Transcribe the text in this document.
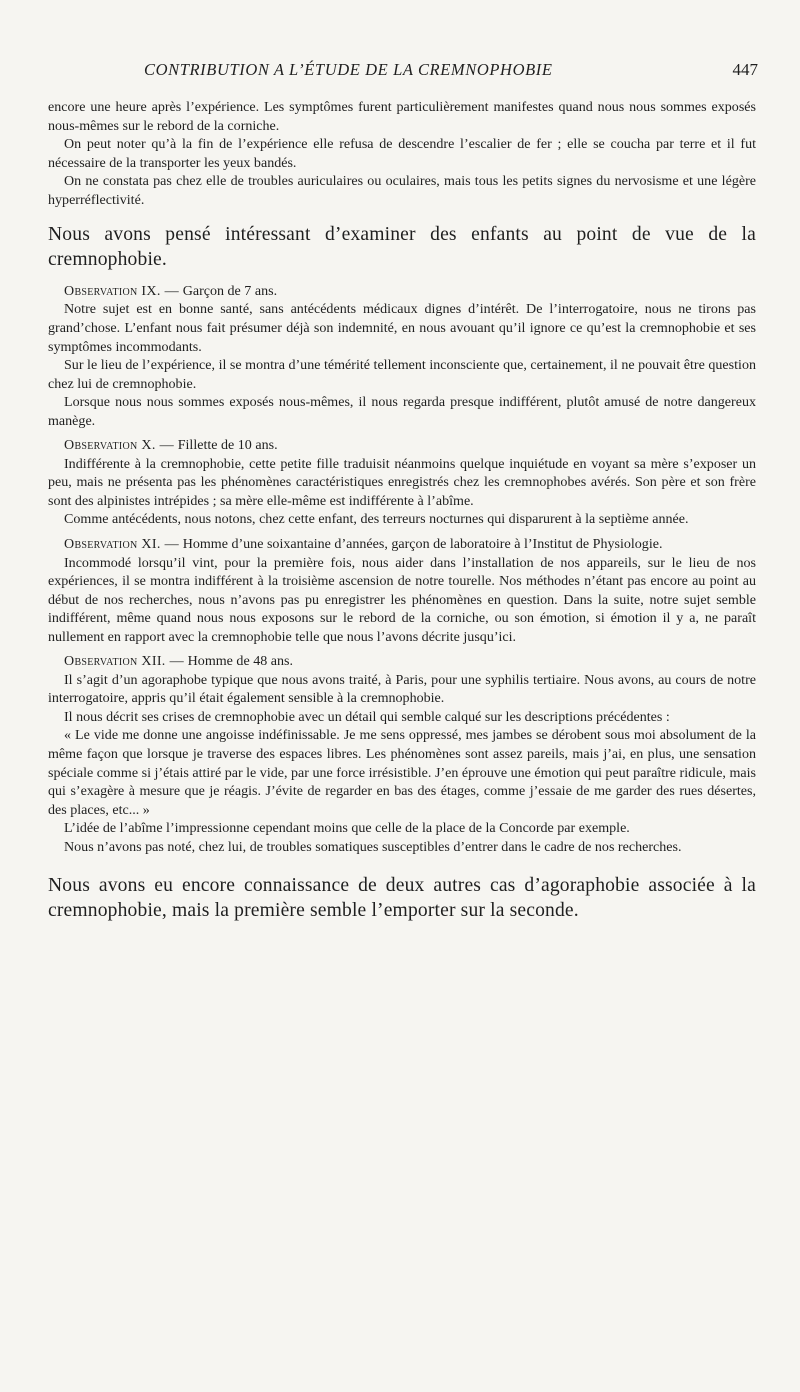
CONTRIBUTION A L’ÉTUDE DE LA CREMNOPHOBIE	447

encore une heure après l’expérience. Les symptômes furent particulièrement manifestes quand nous nous sommes exposés nous-mêmes sur le rebord de la corniche.

On peut noter qu’à la fin de l’expérience elle refusa de descendre l’escalier de fer ; elle se coucha par terre et il fut nécessaire de la transporter les yeux bandés.

On ne constata pas chez elle de troubles auriculaires ou oculaires, mais tous les petits signes du nervosisme et une légère hyperréflectivité.

Nous avons pensé intéressant d’examiner des enfants au point de vue de la cremnophobie.

Observation IX. — Garçon de 7 ans.

Notre sujet est en bonne santé, sans antécédents médicaux dignes d’intérêt. De l’interrogatoire, nous ne tirons pas grand’chose. L’enfant nous fait présumer déjà son indemnité, en nous avouant qu’il ignore ce qu’est la cremnophobie et ses symptômes incommodants.

Sur le lieu de l’expérience, il se montra d’une témérité tellement inconsciente que, certainement, il ne pouvait être question chez lui de cremnophobie.

Lorsque nous nous sommes exposés nous-mêmes, il nous regarda presque indifférent, plutôt amusé de notre dangereux manège.

Observation X. — Fillette de 10 ans.

Indifférente à la cremnophobie, cette petite fille traduisit néanmoins quelque inquiétude en voyant sa mère s’exposer un peu, mais ne présenta pas les phénomènes caractéristiques enregistrés chez les cremnophobes avérés. Son père et son frère sont des alpinistes intrépides ; sa mère elle-même est indifférente à l’abîme.

Comme antécédents, nous notons, chez cette enfant, des terreurs nocturnes qui disparurent à la septième année.

Observation XI. — Homme d’une soixantaine d’années, garçon de laboratoire à l’Institut de Physiologie.

Incommodé lorsqu’il vint, pour la première fois, nous aider dans l’installation de nos appareils, sur le lieu de nos expériences, il se montra indifférent à la troisième ascension de notre tourelle. Nos méthodes n’étant pas encore au point au début de nos recherches, nous n’avons pas pu enregistrer les phénomènes en question. Dans la suite, notre sujet semble indifférent, même quand nous nous exposons sur le rebord de la corniche, ou son émotion, si émotion il y a, ne paraît nullement en rapport avec la cremnophobie telle que nous l’avons décrite jusqu’ici.

Observation XII. — Homme de 48 ans.

Il s’agit d’un agoraphobe typique que nous avons traité, à Paris, pour une syphilis tertiaire. Nous avons, au cours de notre interrogatoire, appris qu’il était également sensible à la cremnophobie.

Il nous décrit ses crises de cremnophobie avec un détail qui semble calqué sur les descriptions précédentes :

« Le vide me donne une angoisse indéfinissable. Je me sens oppressé, mes jambes se dérobent sous moi absolument de la même façon que lorsque je traverse des espaces libres. Les phénomènes sont assez pareils, mais j’ai, en plus, une sensation spéciale comme si j’étais attiré par le vide, par une force irrésistible. J’en éprouve une émotion qui peut paraître ridicule, mais qui s’exagère à mesure que je réagis. J’évite de regarder en bas des étages, comme j’essaie de me garder des rues désertes, des places, etc... »

L’idée de l’abîme l’impressionne cependant moins que celle de la place de la Concorde par exemple.

Nous n’avons pas noté, chez lui, de troubles somatiques susceptibles d’entrer dans le cadre de nos recherches.

Nous avons eu encore connaissance de deux autres cas d’agoraphobie associée à la cremnophobie, mais la première semble l’emporter sur la seconde.
